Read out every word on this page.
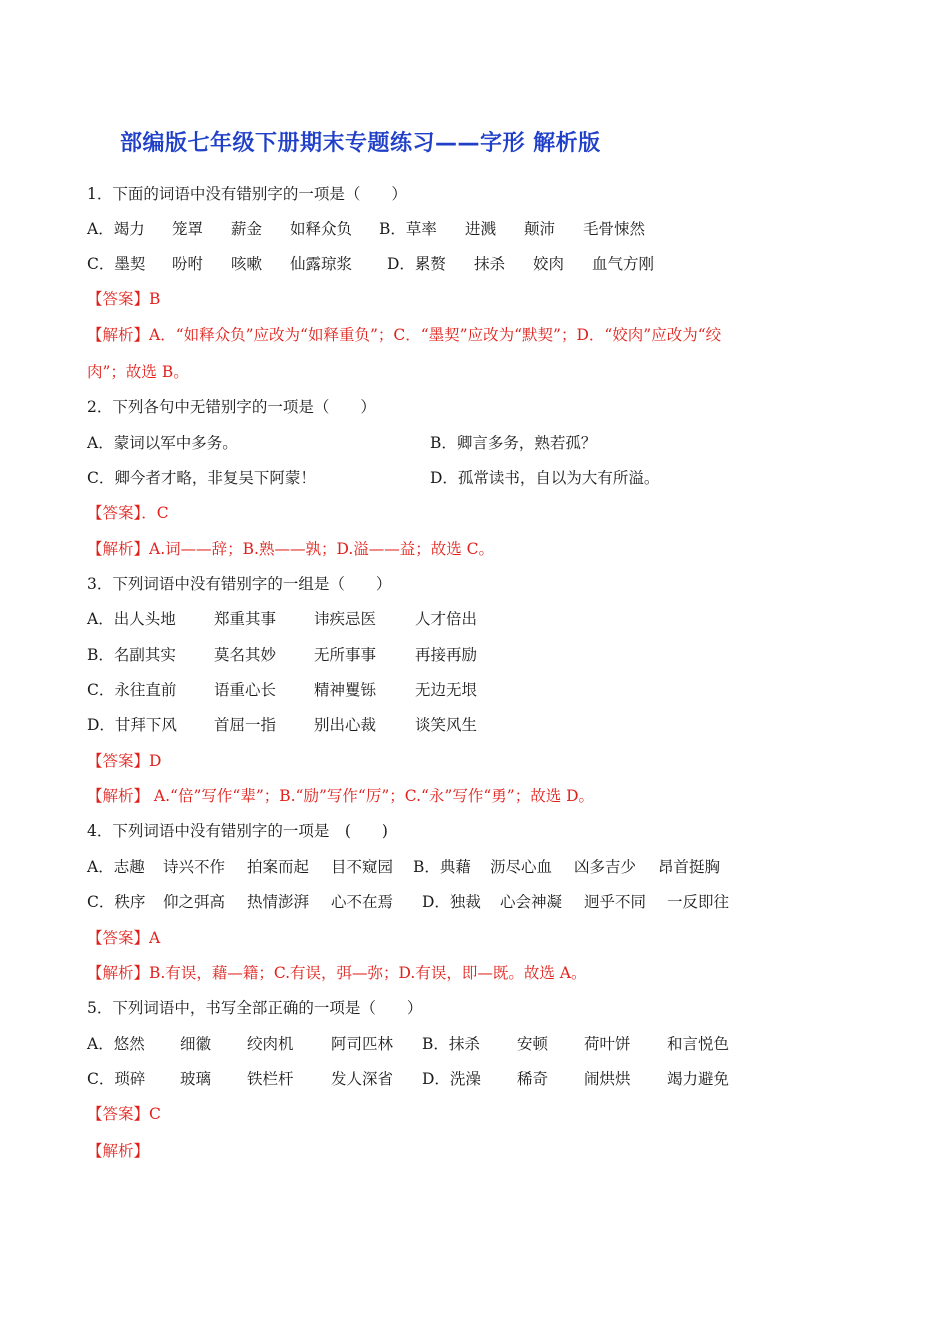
部编版七年级下册期末专题练习——字形 解析版
1．下面的词语中没有错别字的一项是（　　）
A．竭力 笼罩 薪金 如释众负 B．草率 进溅 颠沛 毛骨悚然
C．墨契 吩咐 咳嗽 仙露琼浆 D．累赘 抹杀 姣肉 血气方刚
【答案】B
【解析】A．“如释众负”应改为“如释重负”；C．“墨契”应改为“默契”；D．“姣肉”应改为“绞
肉”；故选 B。
2．下列各句中无错别字的一项是（　　）
A．蒙词以军中多务。	B．卿言多务，熟若孤？
C．卿今者才略，非复吴下阿蒙！	D．孤常读书，自以为大有所溢。
【答案】．C
【解析】A.词——辞；B.熟——孰；D.溢——益；故选 C。
3．下列词语中没有错别字的一组是（　　）
A．出人头地 郑重其事 讳疾忌医	人才倍出
B．名副其实 莫名其妙 无所事事	再接再励
C．永往直前 语重心长 精神矍铄	无边无垠
D．甘拜下风 首屈一指 别出心裁	谈笑风生
【答案】D
【解析】 A.“倍”写作“辈”；B.“励”写作“厉”；C.“永”写作“勇”；故选 D。
4．下列词语中没有错别字的一项是　(　　)
A．志趣 诗兴不作 拍案而起 目不窥园 B．典藉 沥尽心血 凶多吉少 昂首挺胸
C．秩序 仰之弭高 热情澎湃 心不在焉 D．独裁 心会神凝 迥乎不同 一反即往
【答案】A
【解析】B.有误，藉—籍；C.有误，弭—弥；D.有误，即—既。故选 A。
5．下列词语中，书写全部正确的一项是（　　）
A．悠然 细徽 绞肉机 阿司匹林 B．抹杀 安顿 荷叶饼 和言悦色
C．琐碎 玻璃 铁栏杆 发人深省 D．洗澡 稀奇 闹烘烘 竭力避免
【答案】C
【解析】
